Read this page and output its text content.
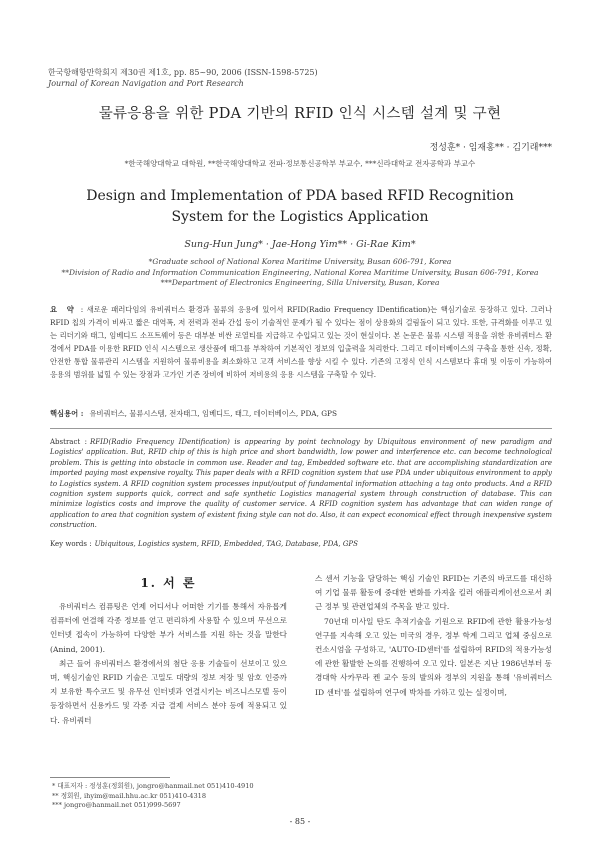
한국항해항만학회지 제30권 제1호, pp. 85~90, 2006 (ISSN-1598-5725)
Journal of Korean Navigation and Port Research
물류응용을 위한 PDA 기반의 RFID 인식 시스템 설계 및 구현
정성훈* · 임재홍** · 김기래***
*한국해양대학교 대학원, **한국해양대학교 전파·정보통신공학부 부교수, ***신라대학교 전자공학과 부교수
Design and Implementation of PDA based RFID Recognition System for the Logistics Application
Sung-Hun Jung* · Jae-Hong Yim** · Gi-Rae Kim*
*Graduate school of National Korea Maritime University, Busan 606-791, Korea
**Division of Radio and Information Communication Engineering, National Korea Maritime University, Busan 606-791, Korea
***Department of Electronics Engineering, Silla University, Busan, Korea
요 약 : 새로운 패러다임의 유비쿼터스 환경과 물류의 응용에 있어서 RFID(Radio Frequency IDentification)는 핵심기술로 등장하고 있다. 그러나 RFID 칩의 가격이 비싸고 짧은 대역폭, 저 전력과 전파 간섭 등이 기술적인 문제가 될 수 있다는 점이 상용화의 걸림돌이 되고 있다. 또한, 규격화를 이루고 있는 리더기와 태그, 임베디드 소프트웨어 등은 대부분 비싼 로열티를 지급하고 수입되고 있는 것이 현실이다. 본 논문은 물류 시스템 적용을 위한 유비쿼터스 환경에서 PDA를 이용한 RFID 인식 시스템으로 생산품에 태그를 부착하여 기본적인 정보의 입출력을 처리한다. 그리고 데이터베이스의 구축을 통한 신속, 정확, 안전한 통합 물류관리 시스템을 지원하여 물류비용을 최소화하고 고객 서비스를 향상 시킬 수 있다. 기존의 고정식 인식 시스템보다 휴대 및 이동이 가능하여 응용의 범위를 넓힐 수 있는 장점과 고가인 기존 장비에 비하여 저비용의 응용 시스템을 구축할 수 있다.
핵심용어 : 유비쿼터스, 물류시스템, 전자태그, 임베디드, 태그, 데이터베이스, PDA, GPS
Abstract : RFID(Radio Frequency IDentification) is appearing by point technology by Ubiquitous environment of new paradigm and Logistics' application. But, RFID chip of this is high price and short bandwidth, low power and interference etc. can become technological problem. This is getting into obstacle in common use. Reader and tag, Embedded software etc. that are accomplishing standardization are imported paying most expensive royalty. This paper deals with a RFID cognition system that use PDA under ubiquitous environment to apply to Logistics system. A RFID cognition system processes input/output of fundamental information attaching a tag onto products. And a RFID cognition system supports quick, correct and safe synthetic Logistics managerial system through construction of database. This can minimize logistics costs and improve the quality of customer service. A RFID cognition system has advantage that can widen range of application to area that cognition system of existent fixing style can not do. Also, it can expect economical effect through inexpensive system construction.
Key words : Ubiquitous, Logistics system, RFID, Embedded, TAG, Database, PDA, GPS
1. 서 론

유비쿼터스 컴퓨팅은 언제 어디서나 어떠한 기기를 통해서 자유롭게 컴퓨터에 연결해 각종 정보를 얻고 편리하게 사용할 수 있으며 무선으로 인터넷 접속이 가능하여 다양한 부가 서비스를 지원 하는 것을 말한다(Anind, 2001).

최근 들어 유비쿼터스 환경에서의 첨단 응용 기술들이 선보이고 있으며, 핵심기술인 RFID 기술은 고밀도 대량의 정보 저장 및 암호 인증까지 보유한 특수코드 및 유무선 인터넷과 연결시키는 비즈니스모델 등이 등장하면서 신용카드 및 각종 지급 결제 서비스 분야 등에 적용되고 있다. 유비쿼터

스 센서 기능을 담당하는 핵심 기술인 RFID는 기존의 바코드를 대신하여 기업 물류 활동에 중대한 변화를 가져올 킬러 애플리케이션으로서 최근 정부 및 관련업체의 주목을 받고 있다.

70년대 미사일 탄도 추적기술을 기원으로 RFID에 관한 활용가능성 연구를 지속해 오고 있는 미국의 경우, 정부 학계 그리고 업체 중심으로 컨소시엄을 구성하고, 'AUTO-ID센터'를 설립하여 RFID의 적용가능성에 관한 활발한 논의를 진행하여 오고 있다. 일본은 지난 1986년부터 동경대학 사카무라 켄 교수 등의 발의와 정부의 지원을 통해 '유비쿼터스 ID 센터'를 설립하여 연구에 박차를 가하고 있는 실정이며,

* 대표저자 : 정성훈(정회원), jongro@hanmail.net 051)410-4910
** 정회원, ihyim@mail.hhu.ac.kr 051)410-4318
*** jongro@hanmail.net 051)999-5697
- 85 -
